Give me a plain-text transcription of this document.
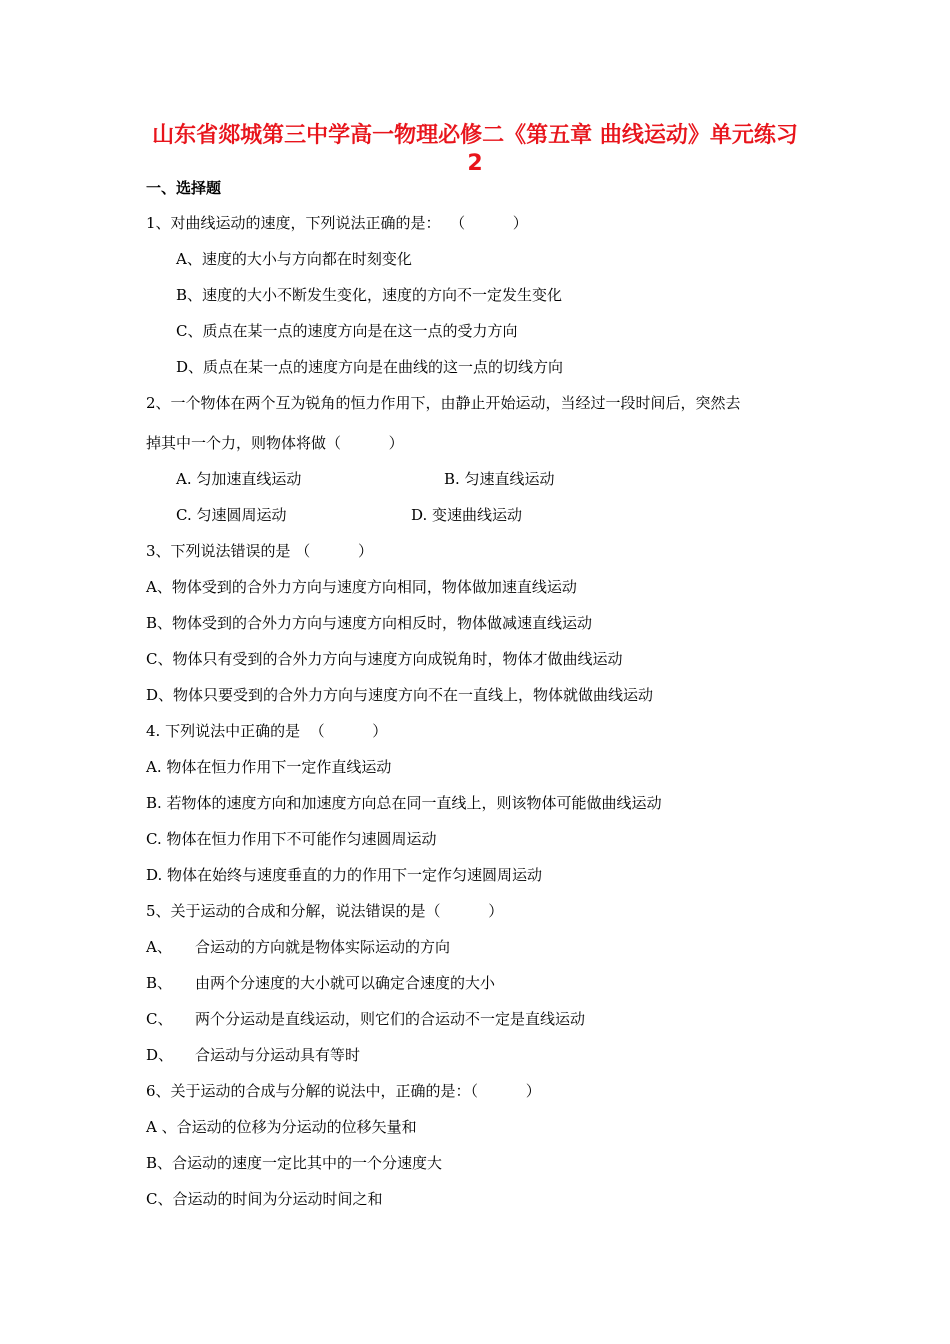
山东省郯城第三中学高一物理必修二《第五章 曲线运动》单元练习
2
一、选择题
1、对曲线运动的速度，下列说法正确的是：  （          ）
A、速度的大小与方向都在时刻变化
B、速度的大小不断发生变化，速度的方向不一定发生变化
C、质点在某一点的速度方向是在这一点的受力方向
D、质点在某一点的速度方向是在曲线的这一点的切线方向
2、一个物体在两个互为锐角的恒力作用下，由静止开始运动，当经过一段时间后，突然去
掉其中一个力，则物体将做（          ）
A. 匀加速直线运动	B. 匀速直线运动
C. 匀速圆周运动	D. 变速曲线运动
3、下列说法错误的是 （          ）
A、物体受到的合外力方向与速度方向相同，物体做加速直线运动
B、物体受到的合外力方向与速度方向相反时，物体做减速直线运动
C、物体只有受到的合外力方向与速度方向成锐角时，物体才做曲线运动
D、物体只要受到的合外力方向与速度方向不在一直线上，物体就做曲线运动
4. 下列说法中正确的是  （          ）
A. 物体在恒力作用下一定作直线运动
B. 若物体的速度方向和加速度方向总在同一直线上，则该物体可能做曲线运动
C. 物体在恒力作用下不可能作匀速圆周运动
D. 物体在始终与速度垂直的力的作用下一定作匀速圆周运动
5、关于运动的合成和分解，说法错误的是（          ）
A、 合运动的方向就是物体实际运动的方向
B、 由两个分速度的大小就可以确定合速度的大小
C、 两个分运动是直线运动，则它们的合运动不一定是直线运动
D、 合运动与分运动具有等时
6、关于运动的合成与分解的说法中，正确的是：（          ）
A 、合运动的位移为分运动的位移矢量和
B、合运动的速度一定比其中的一个分速度大
C、合运动的时间为分运动时间之和
